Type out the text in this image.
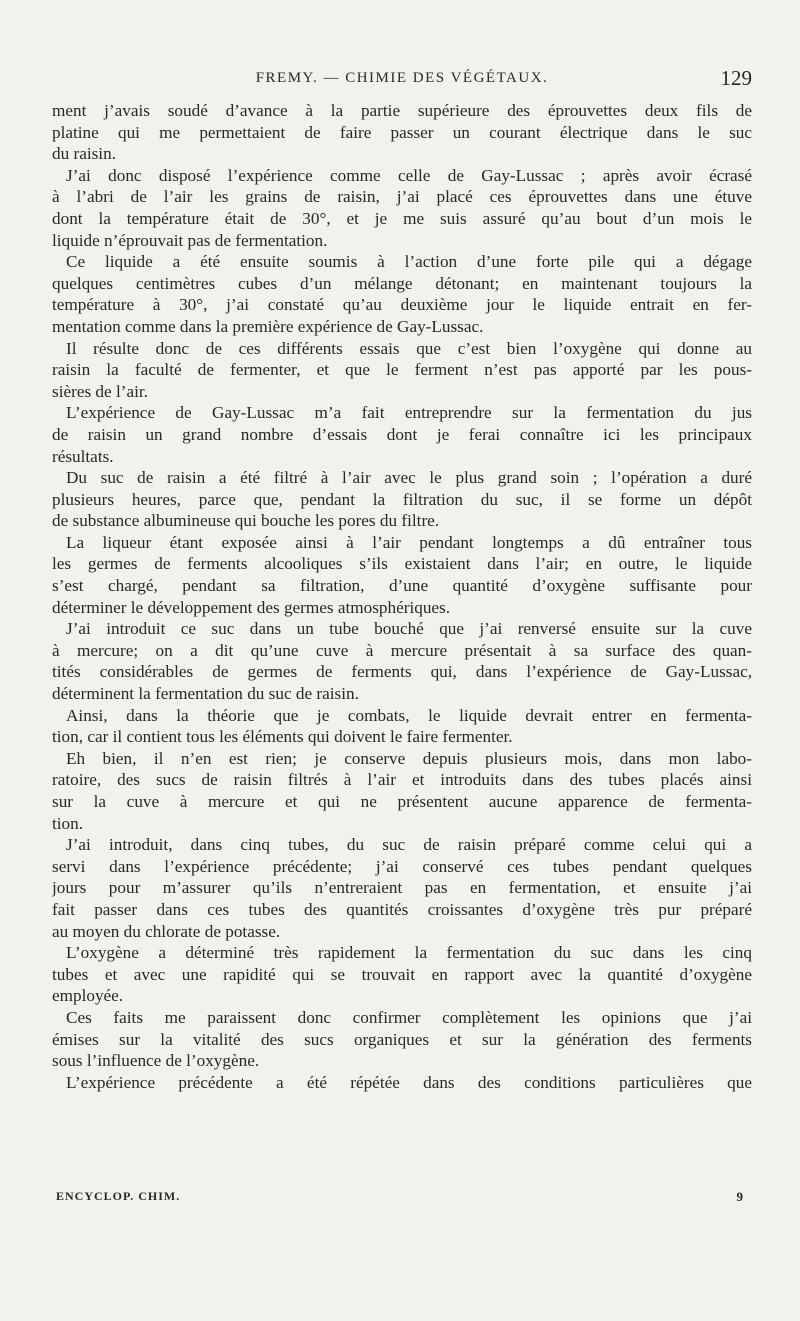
FREMY. — CHIMIE DES VÉGÉTAUX.	129
ment j’avais soudé d’avance à la partie supérieure des éprouvettes deux fils de
platine qui me permettaient de faire passer un courant électrique dans le suc
du raisin.
J’ai donc disposé l’expérience comme celle de Gay-Lussac ; après avoir écrasé
à l’abri de l’air les grains de raisin, j’ai placé ces éprouvettes dans une étuve
dont la température était de 30°, et je me suis assuré qu’au bout d’un mois le
liquide n’éprouvait pas de fermentation.
Ce liquide a été ensuite soumis à l’action d’une forte pile qui a dégage
quelques centimètres cubes d’un mélange détonant; en maintenant toujours la
température à 30°, j’ai constaté qu’au deuxième jour le liquide entrait en fer-
mentation comme dans la première expérience de Gay-Lussac.
Il résulte donc de ces différents essais que c’est bien l’oxygène qui donne au
raisin la faculté de fermenter, et que le ferment n’est pas apporté par les pous-
sières de l’air.
L’expérience de Gay-Lussac m’a fait entreprendre sur la fermentation du jus
de raisin un grand nombre d’essais dont je ferai connaître ici les principaux
résultats.
Du suc de raisin a été filtré à l’air avec le plus grand soin ; l’opération a duré
plusieurs heures, parce que, pendant la filtration du suc, il se forme un dépôt
de substance albumineuse qui bouche les pores du filtre.
La liqueur étant exposée ainsi à l’air pendant longtemps a dû entraîner tous
les germes de ferments alcooliques s’ils existaient dans l’air; en outre, le liquide
s’est chargé, pendant sa filtration, d’une quantité d’oxygène suffisante pour
déterminer le développement des germes atmosphériques.
J’ai introduit ce suc dans un tube bouché que j’ai renversé ensuite sur la cuve
à mercure; on a dit qu’une cuve à mercure présentait à sa surface des quan-
tités considérables de germes de ferments qui, dans l’expérience de Gay-Lussac,
déterminent la fermentation du suc de raisin.
Ainsi, dans la théorie que je combats, le liquide devrait entrer en fermenta-
tion, car il contient tous les éléments qui doivent le faire fermenter.
Eh bien, il n’en est rien; je conserve depuis plusieurs mois, dans mon labo-
ratoire, des sucs de raisin filtrés à l’air et introduits dans des tubes placés ainsi
sur la cuve à mercure et qui ne présentent aucune apparence de fermenta-
tion.
J’ai introduit, dans cinq tubes, du suc de raisin préparé comme celui qui a
servi dans l’expérience précédente; j’ai conservé ces tubes pendant quelques
jours pour m’assurer qu’ils n’entreraient pas en fermentation, et ensuite j’ai
fait passer dans ces tubes des quantités croissantes d’oxygène très pur préparé
au moyen du chlorate de potasse.
L’oxygène a déterminé très rapidement la fermentation du suc dans les cinq
tubes et avec une rapidité qui se trouvait en rapport avec la quantité d’oxygène
employée.
Ces faits me paraissent donc confirmer complètement les opinions que j’ai
émises sur la vitalité des sucs organiques et sur la génération des ferments
sous l’influence de l’oxygène.
L’expérience précédente a été répétée dans des conditions particulières que
ENCYCLOP. CHIM.	9
